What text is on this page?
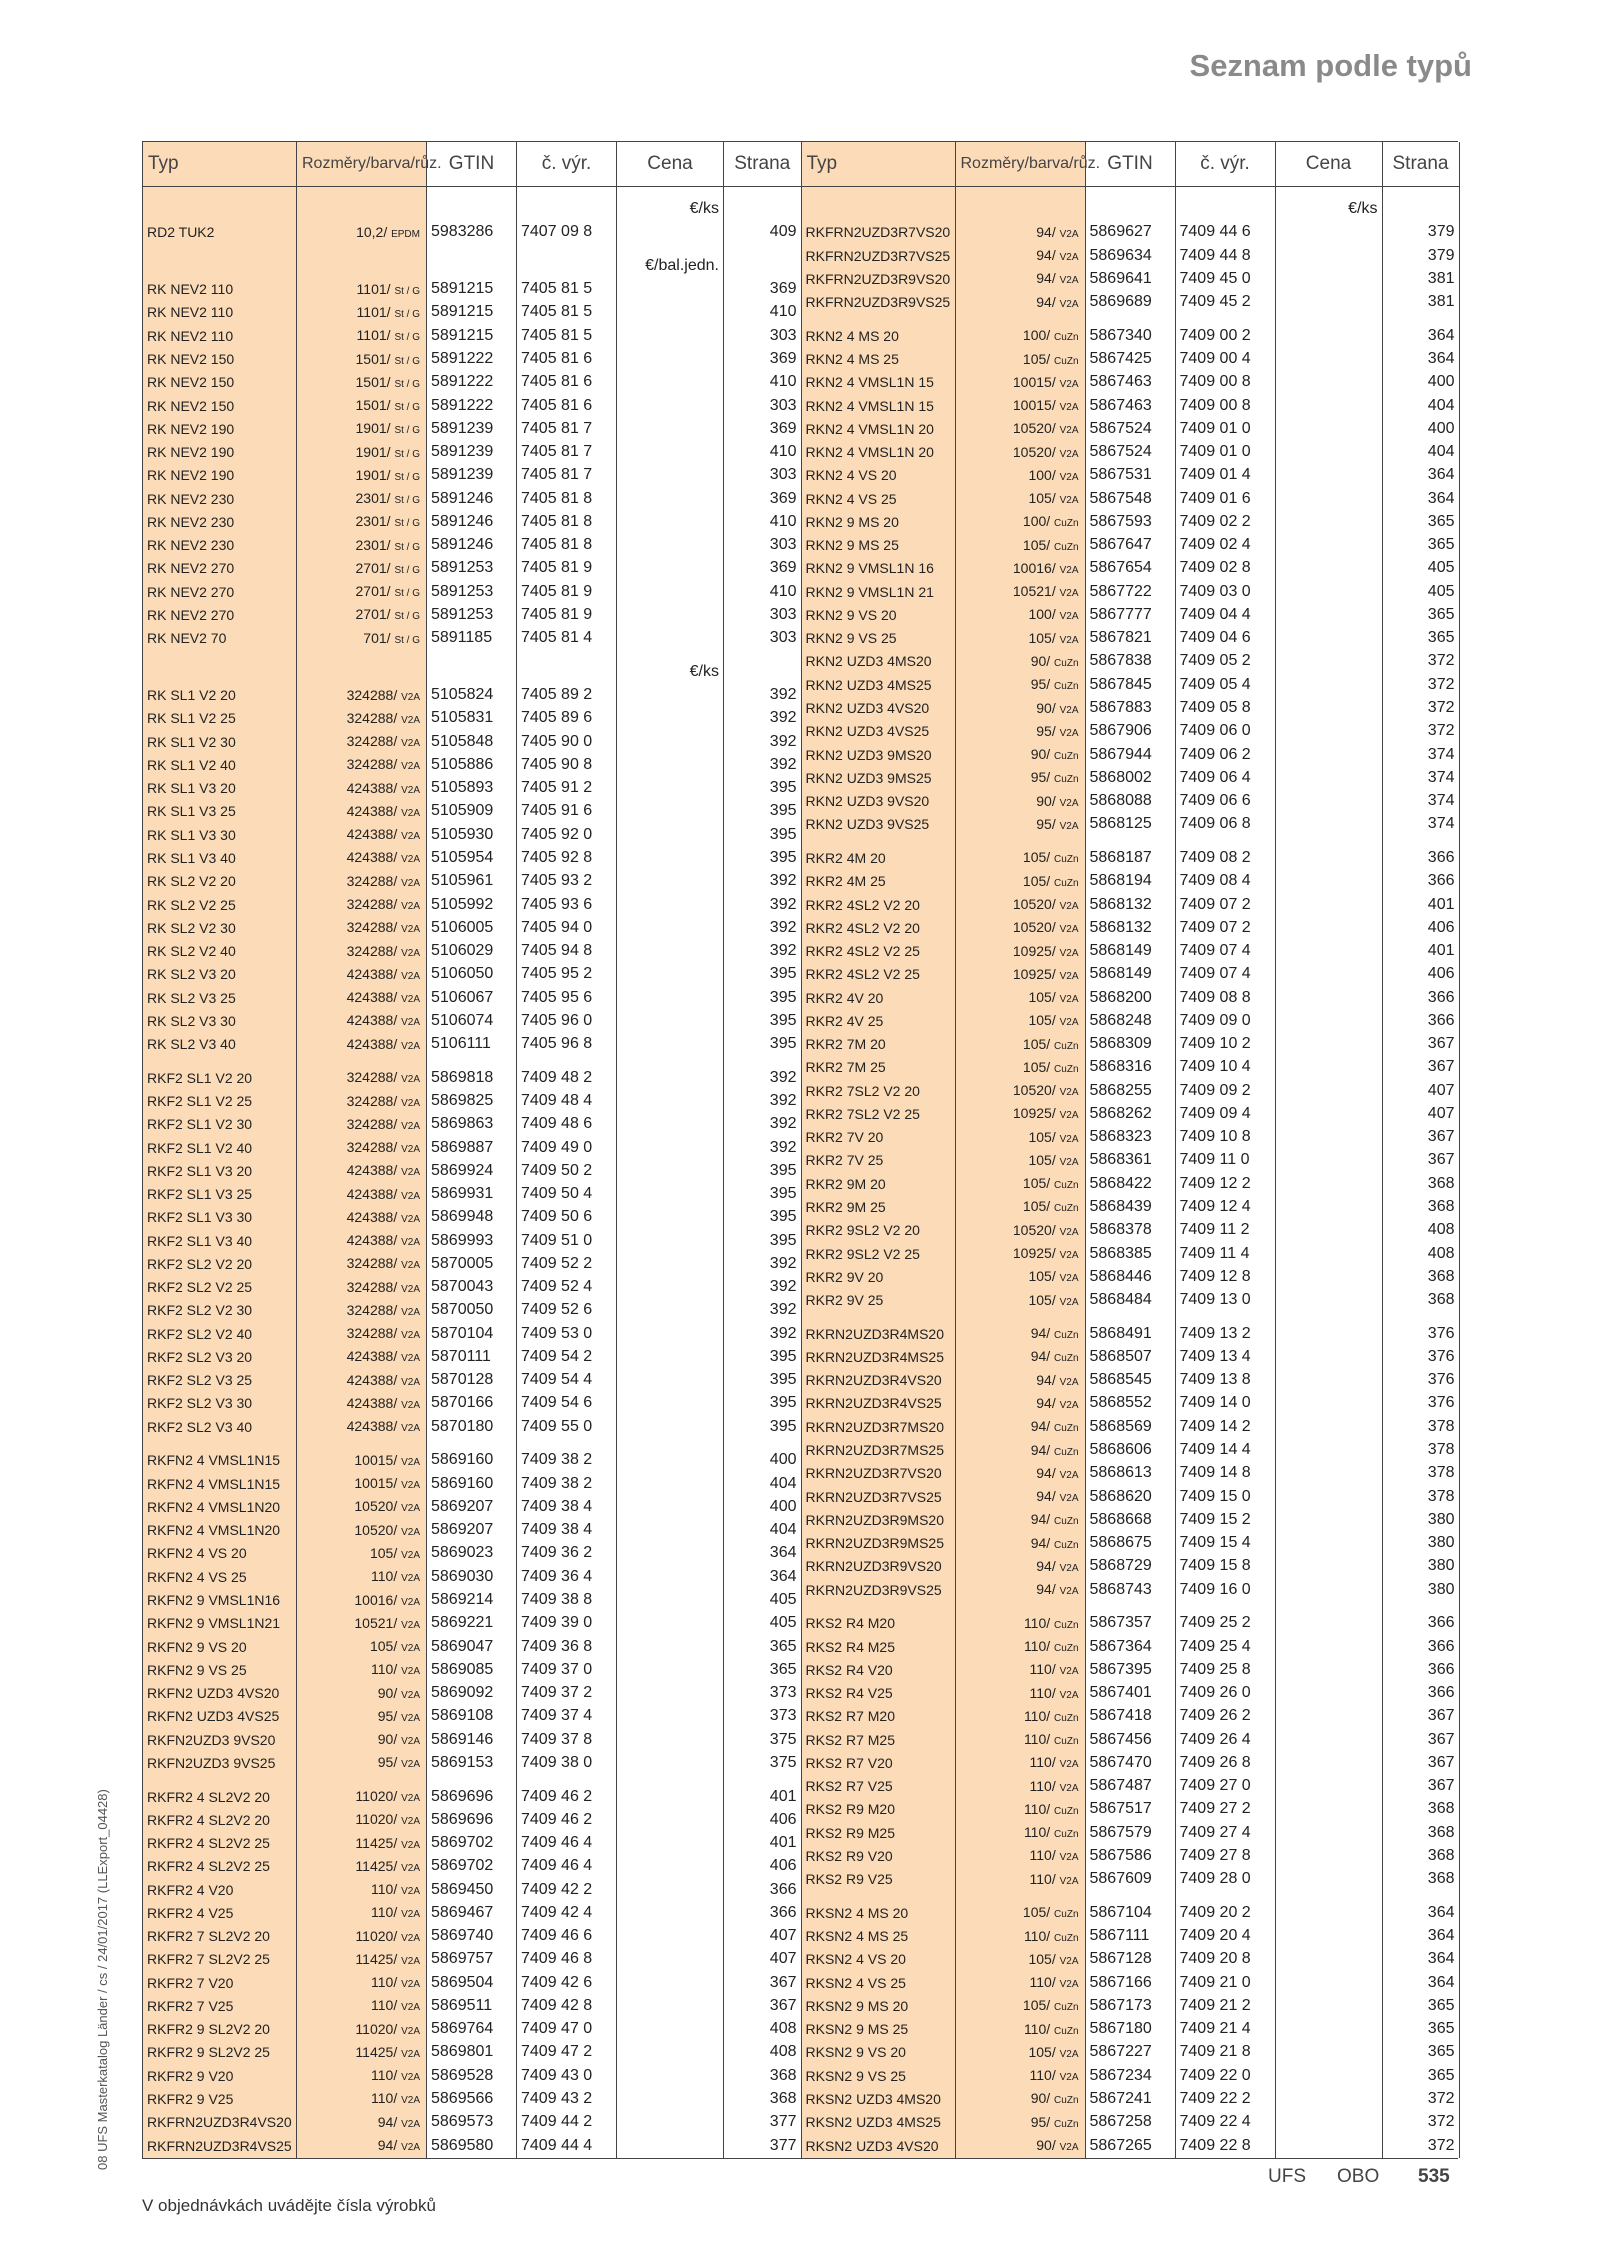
Seznam podle typů
08 UFS Masterkatalog Länder / cs / 24/01/2017 (LLExport_04428)
Typ	Rozměry/barva/růz.	GTIN	č. výr.	Cena	Strana

				€/ks	
RD2 TUK2	10,2/ EPDM	5983286	7407 09 8		409

				€/bal.jedn.	
RK NEV2 110	1101/ St / G	5891215	7405 81 5		369
RK NEV2 110	1101/ St / G	5891215	7405 81 5		410
RK NEV2 110	1101/ St / G	5891215	7405 81 5		303
RK NEV2 150	1501/ St / G	5891222	7405 81 6		369
RK NEV2 150	1501/ St / G	5891222	7405 81 6		410
RK NEV2 150	1501/ St / G	5891222	7405 81 6		303
RK NEV2 190	1901/ St / G	5891239	7405 81 7		369
RK NEV2 190	1901/ St / G	5891239	7405 81 7		410
RK NEV2 190	1901/ St / G	5891239	7405 81 7		303
RK NEV2 230	2301/ St / G	5891246	7405 81 8		369
RK NEV2 230	2301/ St / G	5891246	7405 81 8		410
RK NEV2 230	2301/ St / G	5891246	7405 81 8		303
RK NEV2 270	2701/ St / G	5891253	7405 81 9		369
RK NEV2 270	2701/ St / G	5891253	7405 81 9		410
RK NEV2 270	2701/ St / G	5891253	7405 81 9		303
RK NEV2 70	701/ St / G	5891185	7405 81 4		303

				€/ks	
RK SL1 V2 20	324288/ V2A	5105824	7405 89 2		392
RK SL1 V2 25	324288/ V2A	5105831	7405 89 6		392
RK SL1 V2 30	324288/ V2A	5105848	7405 90 0		392
RK SL1 V2 40	324288/ V2A	5105886	7405 90 8		392
RK SL1 V3 20	424388/ V2A	5105893	7405 91 2		395
RK SL1 V3 25	424388/ V2A	5105909	7405 91 6		395
RK SL1 V3 30	424388/ V2A	5105930	7405 92 0		395
RK SL1 V3 40	424388/ V2A	5105954	7405 92 8		395
RK SL2 V2 20	324288/ V2A	5105961	7405 93 2		392
RK SL2 V2 25	324288/ V2A	5105992	7405 93 6		392
RK SL2 V2 30	324288/ V2A	5106005	7405 94 0		392
RK SL2 V2 40	324288/ V2A	5106029	7405 94 8		392
RK SL2 V3 20	424388/ V2A	5106050	7405 95 2		395
RK SL2 V3 25	424388/ V2A	5106067	7405 95 6		395
RK SL2 V3 30	424388/ V2A	5106074	7405 96 0		395
RK SL2 V3 40	424388/ V2A	5106111	7405 96 8		395

RKF2 SL1 V2 20	324288/ V2A	5869818	7409 48 2		392
RKF2 SL1 V2 25	324288/ V2A	5869825	7409 48 4		392
RKF2 SL1 V2 30	324288/ V2A	5869863	7409 48 6		392
RKF2 SL1 V2 40	324288/ V2A	5869887	7409 49 0		392
RKF2 SL1 V3 20	424388/ V2A	5869924	7409 50 2		395
RKF2 SL1 V3 25	424388/ V2A	5869931	7409 50 4		395
RKF2 SL1 V3 30	424388/ V2A	5869948	7409 50 6		395
RKF2 SL1 V3 40	424388/ V2A	5869993	7409 51 0		395
RKF2 SL2 V2 20	324288/ V2A	5870005	7409 52 2		392
RKF2 SL2 V2 25	324288/ V2A	5870043	7409 52 4		392
RKF2 SL2 V2 30	324288/ V2A	5870050	7409 52 6		392
RKF2 SL2 V2 40	324288/ V2A	5870104	7409 53 0		392
RKF2 SL2 V3 20	424388/ V2A	5870111	7409 54 2		395
RKF2 SL2 V3 25	424388/ V2A	5870128	7409 54 4		395
RKF2 SL2 V3 30	424388/ V2A	5870166	7409 54 6		395
RKF2 SL2 V3 40	424388/ V2A	5870180	7409 55 0		395

RKFN2 4 VMSL1N15	10015/ V2A	5869160	7409 38 2		400
RKFN2 4 VMSL1N15	10015/ V2A	5869160	7409 38 2		404
RKFN2 4 VMSL1N20	10520/ V2A	5869207	7409 38 4		400
RKFN2 4 VMSL1N20	10520/ V2A	5869207	7409 38 4		404
RKFN2 4 VS 20	105/ V2A	5869023	7409 36 2		364
RKFN2 4 VS 25	110/ V2A	5869030	7409 36 4		364
RKFN2 9 VMSL1N16	10016/ V2A	5869214	7409 38 8		405
RKFN2 9 VMSL1N21	10521/ V2A	5869221	7409 39 0		405
RKFN2 9 VS 20	105/ V2A	5869047	7409 36 8		365
RKFN2 9 VS 25	110/ V2A	5869085	7409 37 0		365
RKFN2 UZD3 4VS20	90/ V2A	5869092	7409 37 2		373
RKFN2 UZD3 4VS25	95/ V2A	5869108	7409 37 4		373
RKFN2UZD3 9VS20	90/ V2A	5869146	7409 37 8		375
RKFN2UZD3 9VS25	95/ V2A	5869153	7409 38 0		375

RKFR2 4 SL2V2 20	11020/ V2A	5869696	7409 46 2		401
RKFR2 4 SL2V2 20	11020/ V2A	5869696	7409 46 2		406
RKFR2 4 SL2V2 25	11425/ V2A	5869702	7409 46 4		401
RKFR2 4 SL2V2 25	11425/ V2A	5869702	7409 46 4		406
RKFR2 4 V20	110/ V2A	5869450	7409 42 2		366
RKFR2 4 V25	110/ V2A	5869467	7409 42 4		366
RKFR2 7 SL2V2 20	11020/ V2A	5869740	7409 46 6		407
RKFR2 7 SL2V2 25	11425/ V2A	5869757	7409 46 8		407
RKFR2 7 V20	110/ V2A	5869504	7409 42 6		367
RKFR2 7 V25	110/ V2A	5869511	7409 42 8		367
RKFR2 9 SL2V2 20	11020/ V2A	5869764	7409 47 0		408
RKFR2 9 SL2V2 25	11425/ V2A	5869801	7409 47 2		408
RKFR2 9 V20	110/ V2A	5869528	7409 43 0		368
RKFR2 9 V25	110/ V2A	5869566	7409 43 2		368
RKFRN2UZD3R4VS20	94/ V2A	5869573	7409 44 2		377
RKFRN2UZD3R4VS25	94/ V2A	5869580	7409 44 4		377
Typ	Rozměry/barva/růz.	GTIN	č. výr.	Cena	Strana

				€/ks	
RKFRN2UZD3R7VS20	94/ V2A	5869627	7409 44 6		379
RKFRN2UZD3R7VS25	94/ V2A	5869634	7409 44 8		379
RKFRN2UZD3R9VS20	94/ V2A	5869641	7409 45 0		381
RKFRN2UZD3R9VS25	94/ V2A	5869689	7409 45 2		381

RKN2 4 MS 20	100/ CuZn	5867340	7409 00 2		364
RKN2 4 MS 25	105/ CuZn	5867425	7409 00 4		364
RKN2 4 VMSL1N 15	10015/ V2A	5867463	7409 00 8		400
RKN2 4 VMSL1N 15	10015/ V2A	5867463	7409 00 8		404
RKN2 4 VMSL1N 20	10520/ V2A	5867524	7409 01 0		400
RKN2 4 VMSL1N 20	10520/ V2A	5867524	7409 01 0		404
RKN2 4 VS 20	100/ V2A	5867531	7409 01 4		364
RKN2 4 VS 25	105/ V2A	5867548	7409 01 6		364
RKN2 9 MS 20	100/ CuZn	5867593	7409 02 2		365
RKN2 9 MS 25	105/ CuZn	5867647	7409 02 4		365
RKN2 9 VMSL1N 16	10016/ V2A	5867654	7409 02 8		405
RKN2 9 VMSL1N 21	10521/ V2A	5867722	7409 03 0		405
RKN2 9 VS 20	100/ V2A	5867777	7409 04 4		365
RKN2 9 VS 25	105/ V2A	5867821	7409 04 6		365
RKN2 UZD3 4MS20	90/ CuZn	5867838	7409 05 2		372
RKN2 UZD3 4MS25	95/ CuZn	5867845	7409 05 4		372
RKN2 UZD3 4VS20	90/ V2A	5867883	7409 05 8		372
RKN2 UZD3 4VS25	95/ V2A	5867906	7409 06 0		372
RKN2 UZD3 9MS20	90/ CuZn	5867944	7409 06 2		374
RKN2 UZD3 9MS25	95/ CuZn	5868002	7409 06 4		374
RKN2 UZD3 9VS20	90/ V2A	5868088	7409 06 6		374
RKN2 UZD3 9VS25	95/ V2A	5868125	7409 06 8		374

RKR2 4M 20	105/ CuZn	5868187	7409 08 2		366
RKR2 4M 25	105/ CuZn	5868194	7409 08 4		366
RKR2 4SL2 V2 20	10520/ V2A	5868132	7409 07 2		401
RKR2 4SL2 V2 20	10520/ V2A	5868132	7409 07 2		406
RKR2 4SL2 V2 25	10925/ V2A	5868149	7409 07 4		401
RKR2 4SL2 V2 25	10925/ V2A	5868149	7409 07 4		406
RKR2 4V 20	105/ V2A	5868200	7409 08 8		366
RKR2 4V 25	105/ V2A	5868248	7409 09 0		366
RKR2 7M 20	105/ CuZn	5868309	7409 10 2		367
RKR2 7M 25	105/ CuZn	5868316	7409 10 4		367
RKR2 7SL2 V2 20	10520/ V2A	5868255	7409 09 2		407
RKR2 7SL2 V2 25	10925/ V2A	5868262	7409 09 4		407
RKR2 7V 20	105/ V2A	5868323	7409 10 8		367
RKR2 7V 25	105/ V2A	5868361	7409 11 0		367
RKR2 9M 20	105/ CuZn	5868422	7409 12 2		368
RKR2 9M 25	105/ CuZn	5868439	7409 12 4		368
RKR2 9SL2 V2 20	10520/ V2A	5868378	7409 11 2		408
RKR2 9SL2 V2 25	10925/ V2A	5868385	7409 11 4		408
RKR2 9V 20	105/ V2A	5868446	7409 12 8		368
RKR2 9V 25	105/ V2A	5868484	7409 13 0		368

RKRN2UZD3R4MS20	94/ CuZn	5868491	7409 13 2		376
RKRN2UZD3R4MS25	94/ CuZn	5868507	7409 13 4		376
RKRN2UZD3R4VS20	94/ V2A	5868545	7409 13 8		376
RKRN2UZD3R4VS25	94/ V2A	5868552	7409 14 0		376
RKRN2UZD3R7MS20	94/ CuZn	5868569	7409 14 2		378
RKRN2UZD3R7MS25	94/ CuZn	5868606	7409 14 4		378
RKRN2UZD3R7VS20	94/ V2A	5868613	7409 14 8		378
RKRN2UZD3R7VS25	94/ V2A	5868620	7409 15 0		378
RKRN2UZD3R9MS20	94/ CuZn	5868668	7409 15 2		380
RKRN2UZD3R9MS25	94/ CuZn	5868675	7409 15 4		380
RKRN2UZD3R9VS20	94/ V2A	5868729	7409 15 8		380
RKRN2UZD3R9VS25	94/ V2A	5868743	7409 16 0		380

RKS2 R4 M20	110/ CuZn	5867357	7409 25 2		366
RKS2 R4 M25	110/ CuZn	5867364	7409 25 4		366
RKS2 R4 V20	110/ V2A	5867395	7409 25 8		366
RKS2 R4 V25	110/ V2A	5867401	7409 26 0		366
RKS2 R7 M20	110/ CuZn	5867418	7409 26 2		367
RKS2 R7 M25	110/ CuZn	5867456	7409 26 4		367
RKS2 R7 V20	110/ V2A	5867470	7409 26 8		367
RKS2 R7 V25	110/ V2A	5867487	7409 27 0		367
RKS2 R9 M20	110/ CuZn	5867517	7409 27 2		368
RKS2 R9 M25	110/ CuZn	5867579	7409 27 4		368
RKS2 R9 V20	110/ V2A	5867586	7409 27 8		368
RKS2 R9 V25	110/ V2A	5867609	7409 28 0		368

RKSN2 4 MS 20	105/ CuZn	5867104	7409 20 2		364
RKSN2 4 MS 25	110/ CuZn	5867111	7409 20 4		364
RKSN2 4 VS 20	105/ V2A	5867128	7409 20 8		364
RKSN2 4 VS 25	110/ V2A	5867166	7409 21 0		364
RKSN2 9 MS 20	105/ CuZn	5867173	7409 21 2		365
RKSN2 9 MS 25	110/ CuZn	5867180	7409 21 4		365
RKSN2 9 VS 20	105/ V2A	5867227	7409 21 8		365
RKSN2 9 VS 25	110/ V2A	5867234	7409 22 0		365
RKSN2 UZD3 4MS20	90/ CuZn	5867241	7409 22 2		372
RKSN2 UZD3 4MS25	95/ CuZn	5867258	7409 22 4		372
RKSN2 UZD3 4VS20	90/ V2A	5867265	7409 22 8		372
V objednávkách uvádějte čísla výrobků
UFS OBO 535
